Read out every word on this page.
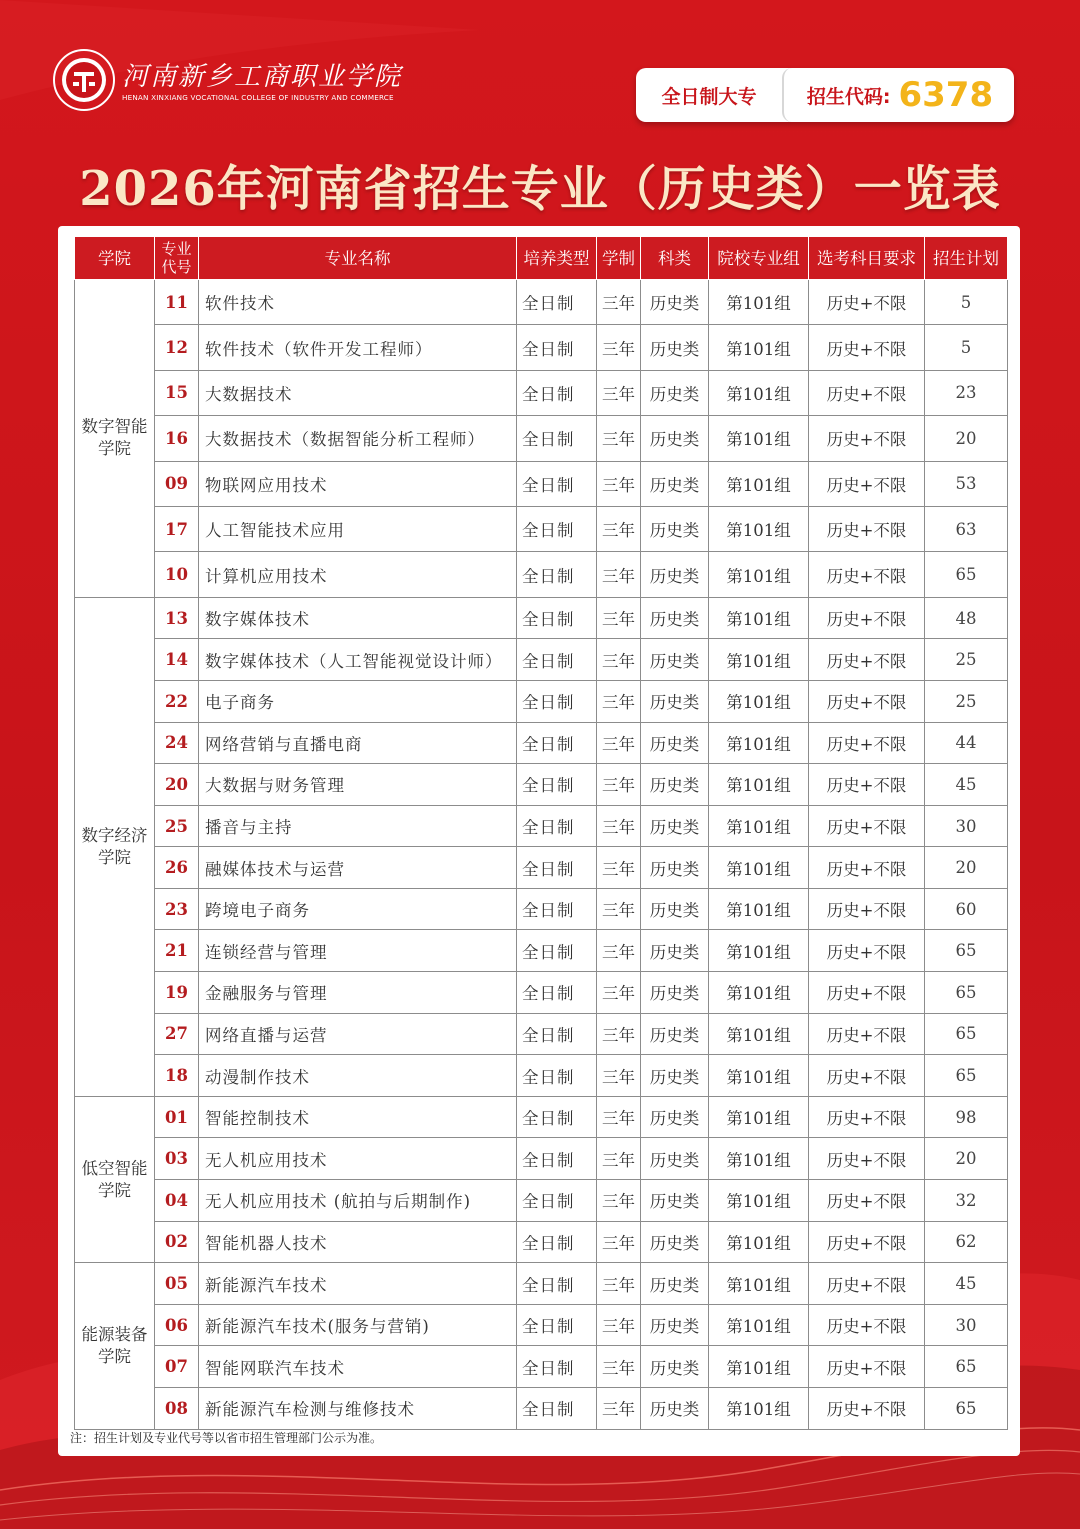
河南新乡工商职业学院
HENAN XINXIANG VOCATIONAL COLLEGE OF INDUSTRY AND COMMERCE	全日制大专	招生代码: 6378
2026年河南省招生专业（历史类）一览表
学院	专业代号	专业名称	培养类型	学制	科类	院校专业组	选考科目要求	招生计划
数字智能学院	11	软件技术	全日制	三年	历史类	第101组	历史+不限	5
	12	软件技术（软件开发工程师）	全日制	三年	历史类	第101组	历史+不限	5
	15	大数据技术	全日制	三年	历史类	第101组	历史+不限	23
	16	大数据技术（数据智能分析工程师）	全日制	三年	历史类	第101组	历史+不限	20
	09	物联网应用技术	全日制	三年	历史类	第101组	历史+不限	53
	17	人工智能技术应用	全日制	三年	历史类	第101组	历史+不限	63
	10	计算机应用技术	全日制	三年	历史类	第101组	历史+不限	65
数字经济学院	13	数字媒体技术	全日制	三年	历史类	第101组	历史+不限	48
	14	数字媒体技术（人工智能视觉设计师）	全日制	三年	历史类	第101组	历史+不限	25
	22	电子商务	全日制	三年	历史类	第101组	历史+不限	25
	24	网络营销与直播电商	全日制	三年	历史类	第101组	历史+不限	44
	20	大数据与财务管理	全日制	三年	历史类	第101组	历史+不限	45
	25	播音与主持	全日制	三年	历史类	第101组	历史+不限	30
	26	融媒体技术与运营	全日制	三年	历史类	第101组	历史+不限	20
	23	跨境电子商务	全日制	三年	历史类	第101组	历史+不限	60
	21	连锁经营与管理	全日制	三年	历史类	第101组	历史+不限	65
	19	金融服务与管理	全日制	三年	历史类	第101组	历史+不限	65
	27	网络直播与运营	全日制	三年	历史类	第101组	历史+不限	65
	18	动漫制作技术	全日制	三年	历史类	第101组	历史+不限	65
低空智能学院	01	智能控制技术	全日制	三年	历史类	第101组	历史+不限	98
	03	无人机应用技术	全日制	三年	历史类	第101组	历史+不限	20
	04	无人机应用技术 (航拍与后期制作)	全日制	三年	历史类	第101组	历史+不限	32
	02	智能机器人技术	全日制	三年	历史类	第101组	历史+不限	62
能源装备学院	05	新能源汽车技术	全日制	三年	历史类	第101组	历史+不限	45
	06	新能源汽车技术(服务与营销)	全日制	三年	历史类	第101组	历史+不限	30
	07	智能网联汽车技术	全日制	三年	历史类	第101组	历史+不限	65
	08	新能源汽车检测与维修技术	全日制	三年	历史类	第101组	历史+不限	65
注：招生计划及专业代号等以省市招生管理部门公示为准。
